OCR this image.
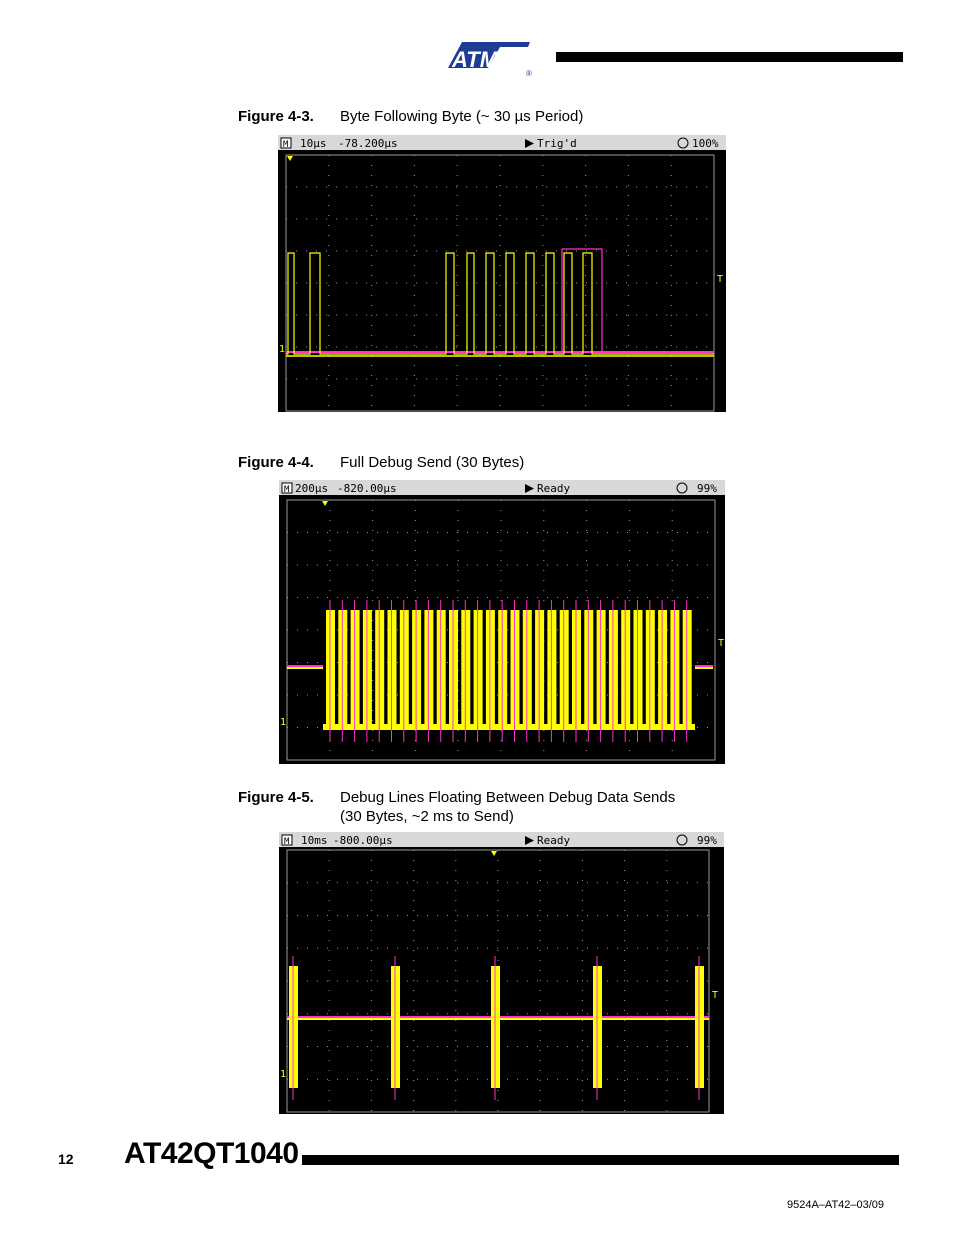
ATMEL
®
Figure 4-3. Byte Following Byte (~ 30 µs Period)
M 10µs -78.200µs	Trig'd	100%
T
1
Figure 4-4. Full Debug Send (30 Bytes)
M 200µs -820.00µs	Ready	99%
T
1
Figure 4-5. Debug Lines Floating Between Debug Data Sends
(30 Bytes, ~2 ms to Send)
M 10ms -800.00µs	Ready	99%
T
1
12 AT42QT1040
9524A–AT42–03/09
